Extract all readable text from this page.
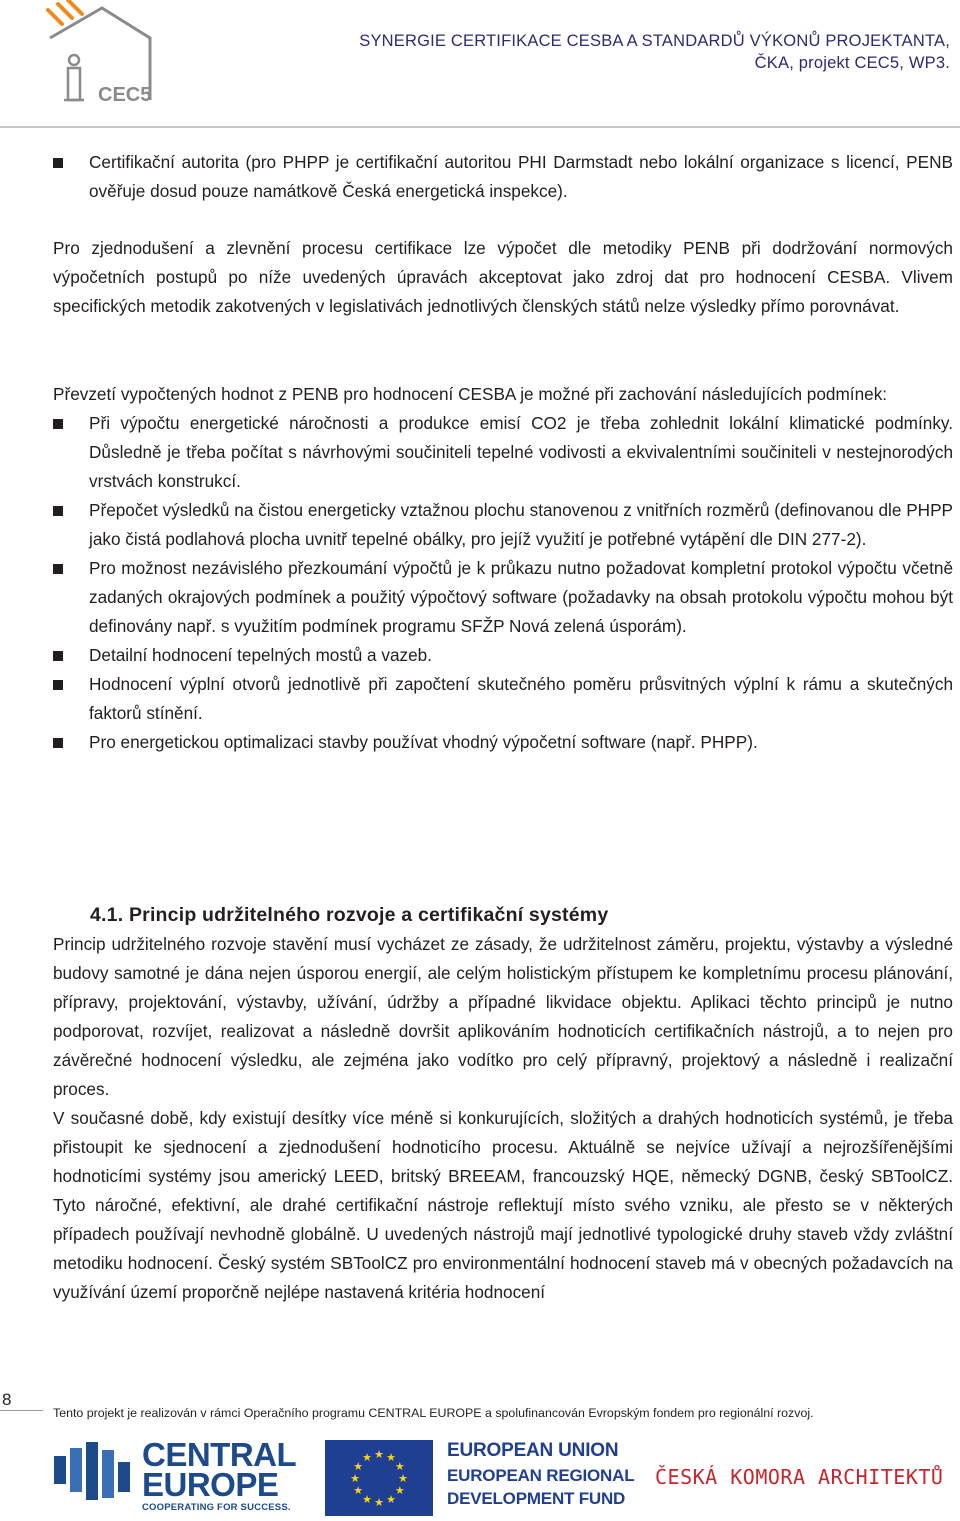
CEC5
SYNERGIE CERTIFIKACE CESBA A STANDARDŮ VÝKONŮ PROJEKTANTA,
ČKA, projekt CEC5, WP3.

Certifikační autorita (pro PHPP je certifikační autoritou PHI Darmstadt nebo lokální organizace s licencí, PENB ověřuje dosud pouze namátkově Česká energetická inspekce).

Pro zjednodušení a zlevnění procesu certifikace lze výpočet dle metodiky PENB při dodržování normových výpočetních postupů po níže uvedených úpravách akceptovat jako zdroj dat pro hodnocení CESBA. Vlivem specifických metodik zakotvených v legislativách jednotlivých členských států nelze výsledky přímo porovnávat.

Převzetí vypočtených hodnot z PENB pro hodnocení CESBA je možné při zachování následujících podmínek:

Při výpočtu energetické náročnosti a produkce emisí CO2 je třeba zohlednit lokální klimatické podmínky. Důsledně je třeba počítat s návrhovými součiniteli tepelné vodivosti a ekvivalentními součiniteli v nestejnorodých vrstvách konstrukcí.

Přepočet výsledků na čistou energeticky vztažnou plochu stanovenou z vnitřních rozměrů (definovanou dle PHPP jako čistá podlahová plocha uvnitř tepelné obálky, pro jejíž využití je potřebné vytápění dle DIN 277-2).

Pro možnost nezávislého přezkoumání výpočtů je k průkazu nutno požadovat kompletní protokol výpočtu včetně zadaných okrajových podmínek a použitý výpočtový software (požadavky na obsah protokolu výpočtu mohou být definovány např. s využitím podmínek programu SFŽP Nová zelená úsporám).

Detailní hodnocení tepelných mostů a vazeb.

Hodnocení výplní otvorů jednotlivě při započtení skutečného poměru průsvitných výplní k rámu a skutečných faktorů stínění.

Pro energetickou optimalizaci stavby používat vhodný výpočetní software (např. PHPP).

4.1. Princip udržitelného rozvoje a certifikační systémy

Princip udržitelného rozvoje stavění musí vycházet ze zásady, že udržitelnost záměru, projektu, výstavby a výsledné budovy samotné je dána nejen úsporou energií, ale celým holistickým přístupem ke kompletnímu procesu plánování, přípravy, projektování, výstavby, užívání, údržby a případné likvidace objektu. Aplikaci těchto principů je nutno podporovat, rozvíjet, realizovat a následně dovršit aplikováním hodnoticích certifikačních nástrojů, a to nejen pro závěrečné hodnocení výsledku, ale zejména jako vodítko pro celý přípravný, projektový a následně i realizační proces.

V současné době, kdy existují desítky více méně si konkurujících, složitých a drahých hodnoticích systémů, je třeba přistoupit ke sjednocení a zjednodušení hodnoticího procesu. Aktuálně se nejvíce užívají a nejrozšířenějšími hodnoticími systémy jsou americký LEED, britský BREEAM, francouzský HQE, německý DGNB, český SBToolCZ. Tyto náročné, efektivní, ale drahé certifikační nástroje reflektují místo svého vzniku, ale přesto se v některých případech používají nevhodně globálně. U uvedených nástrojů mají jednotlivé typologické druhy staveb vždy zvláštní metodiku hodnocení. Český systém SBToolCZ pro environmentální hodnocení staveb má v obecných požadavcích na využívání území proporčně nejlépe nastavená kritéria hodnocení

8
Tento projekt je realizován v rámci Operačního programu CENTRAL EUROPE a spolufinancován Evropským fondem pro regionální rozvoj.
CENTRAL
EUROPE
COOPERATING FOR SUCCESS.
★ ★
★
★
★
★
★
★
★
★
★
★	EUROPEAN UNION
EUROPEAN REGIONAL
DEVELOPMENT FUND
ČESKÁ KOMORA ARCHITEKTŮ
